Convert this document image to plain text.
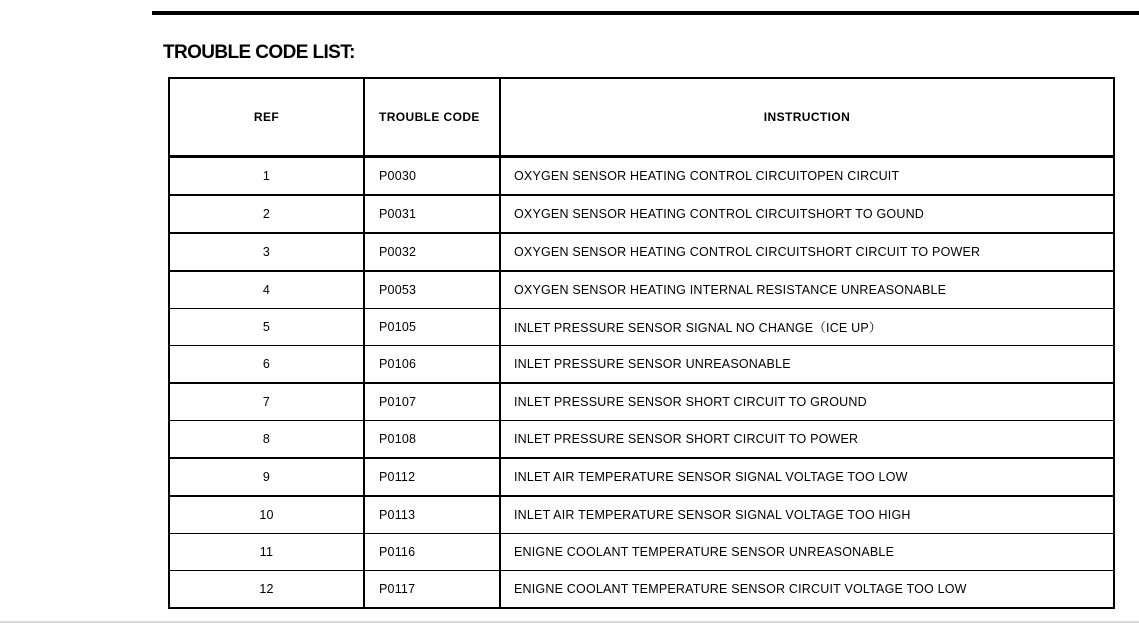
TROUBLE CODE LIST:
REF	TROUBLE CODE	INSTRUCTION
1	P0030	OXYGEN SENSOR HEATING CONTROL CIRCUITOPEN CIRCUIT
2	P0031	OXYGEN SENSOR HEATING CONTROL CIRCUITSHORT TO GOUND
3	P0032	OXYGEN SENSOR HEATING CONTROL CIRCUITSHORT CIRCUIT TO POWER
4	P0053	OXYGEN SENSOR HEATING INTERNAL RESISTANCE UNREASONABLE
5	P0105	INLET PRESSURE SENSOR SIGNAL NO CHANGE（ICE UP）
6	P0106	INLET PRESSURE SENSOR UNREASONABLE
7	P0107	INLET PRESSURE SENSOR SHORT CIRCUIT TO GROUND
8	P0108	INLET PRESSURE SENSOR SHORT CIRCUIT TO POWER
9	P0112	INLET AIR TEMPERATURE SENSOR SIGNAL VOLTAGE TOO LOW
10	P0113	INLET AIR TEMPERATURE SENSOR SIGNAL VOLTAGE TOO HIGH
11	P0116	ENIGNE COOLANT TEMPERATURE SENSOR UNREASONABLE
12	P0117	ENIGNE COOLANT TEMPERATURE SENSOR CIRCUIT VOLTAGE TOO LOW
